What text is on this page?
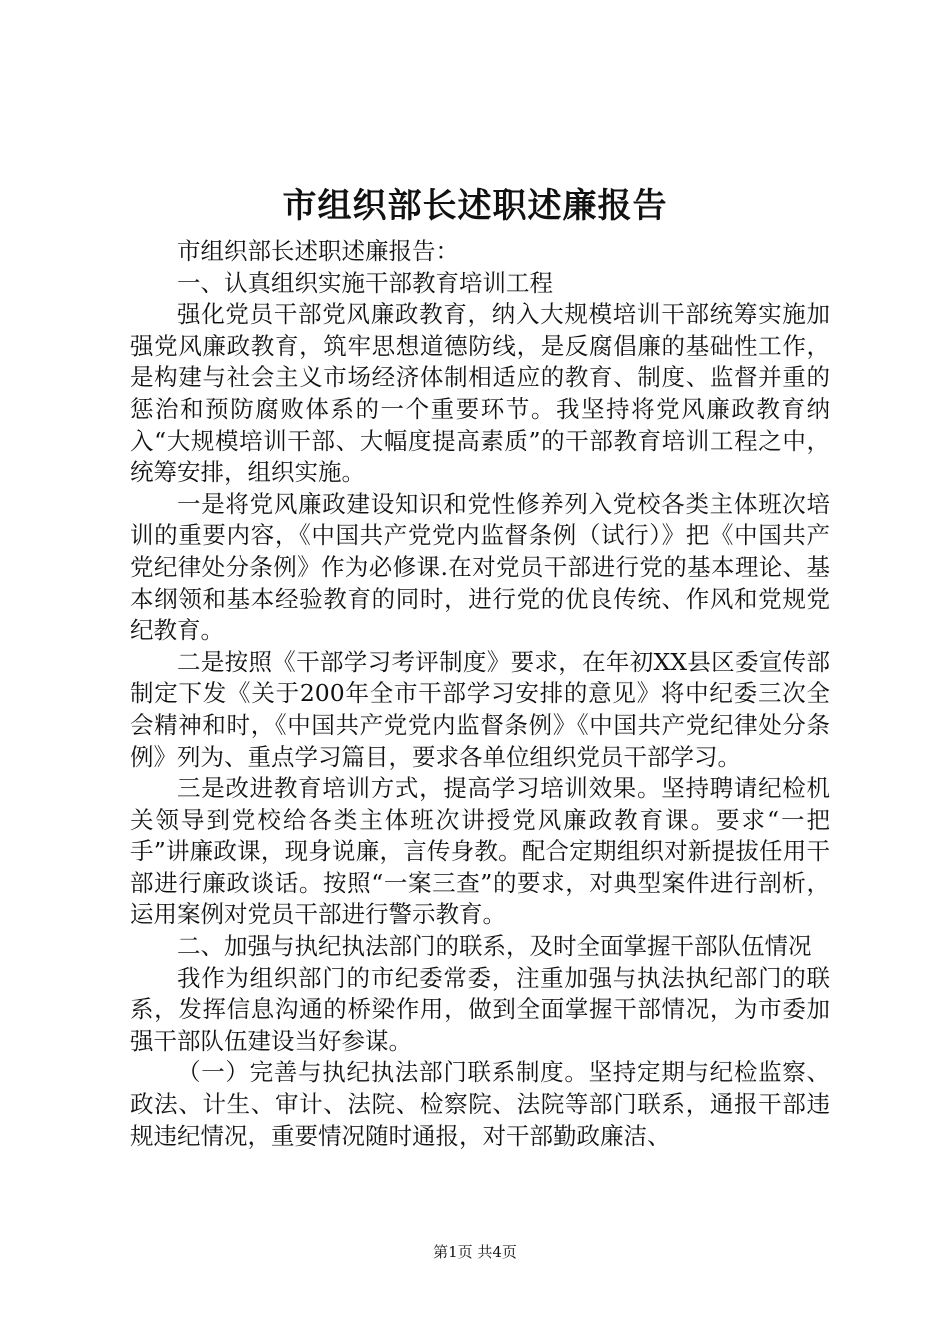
市组织部长述职述廉报告

市组织部长述职述廉报告：

一、认真组织实施干部教育培训工程

强化党员干部党风廉政教育，纳入大规模培训干部统筹实施加强党风廉政教育，筑牢思想道德防线，是反腐倡廉的基础性工作，是构建与社会主义市场经济体制相适应的教育、制度、监督并重的惩治和预防腐败体系的一个重要环节。我坚持将党风廉政教育纳入“大规模培训干部、大幅度提高素质”的干部教育培训工程之中，统筹安排，组织实施。

一是将党风廉政建设知识和党性修养列入党校各类主体班次培训的重要内容，《中国共产党党内监督条例（试行）》把《中国共产党纪律处分条例》作为必修课.在对党员干部进行党的基本理论、基本纲领和基本经验教育的同时，进行党的优良传统、作风和党规党纪教育。

二是按照《干部学习考评制度》要求，在年初XX县区委宣传部制定下发《关于200年全市干部学习安排的意见》将中纪委三次全会精神和时，《中国共产党党内监督条例》《中国共产党纪律处分条例》列为、重点学习篇目，要求各单位组织党员干部学习。

三是改进教育培训方式，提高学习培训效果。坚持聘请纪检机关领导到党校给各类主体班次讲授党风廉政教育课。要求“一把手”讲廉政课，现身说廉，言传身教。配合定期组织对新提拔任用干部进行廉政谈话。按照“一案三查”的要求，对典型案件进行剖析，运用案例对党员干部进行警示教育。

二、加强与执纪执法部门的联系，及时全面掌握干部队伍情况

我作为组织部门的市纪委常委，注重加强与执法执纪部门的联系，发挥信息沟通的桥梁作用，做到全面掌握干部情况，为市委加强干部队伍建设当好参谋。

（一）完善与执纪执法部门联系制度。坚持定期与纪检监察、政法、计生、审计、法院、检察院、法院等部门联系，通报干部违规违纪情况，重要情况随时通报，对干部勤政廉洁、

第1页 共4页
